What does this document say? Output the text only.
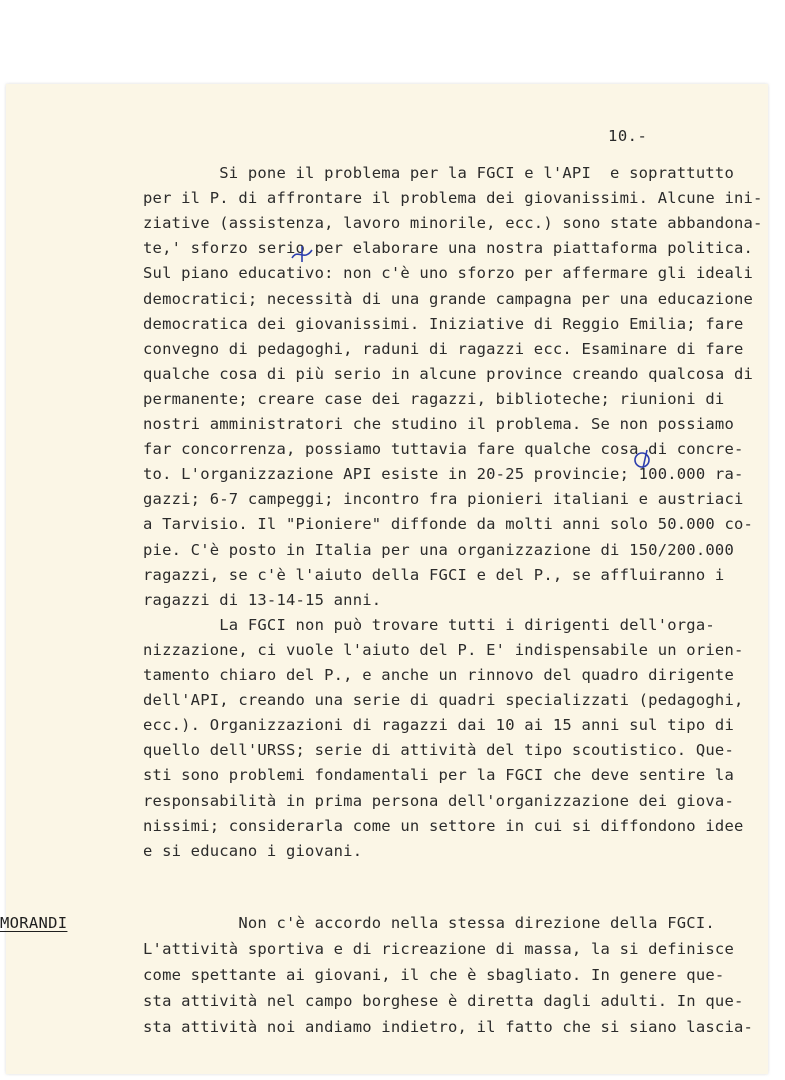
10.-
Si pone il problema per la FGCI e l'API  e soprattutto
per il P. di affrontare il problema dei giovanissimi. Alcune ini-
ziative (assistenza, lavoro minorile, ecc.) sono state abbandona-
te,' sforzo serio per elaborare una nostra piattaforma politica.
Sul piano educativo: non c'è uno sforzo per affermare gli ideali
democratici; necessità di una grande campagna per una educazione
democratica dei giovanissimi. Iniziative di Reggio Emilia; fare
convegno di pedagoghi, raduni di ragazzi ecc. Esaminare di fare
qualche cosa di più serio in alcune province creando qualcosa di
permanente; creare case dei ragazzi, biblioteche; riunioni di
nostri amministratori che studino il problema. Se non possiamo
far concorrenza, possiamo tuttavia fare qualche cosa di concre-
to. L'organizzazione API esiste in 20-25 provincie; 100.000 ra-
gazzi; 6-7 campeggi; incontro fra pionieri italiani e austriaci
a Tarvisio. Il "Pioniere" diffonde da molti anni solo 50.000 co-
pie. C'è posto in Italia per una organizzazione di 150/200.000
ragazzi, se c'è l'aiuto della FGCI e del P., se affluiranno i
ragazzi di 13-14-15 anni.
La FGCI non può trovare tutti i dirigenti dell'orga-
nizzazione, ci vuole l'aiuto del P. E' indispensabile un orien-
tamento chiaro del P., e anche un rinnovo del quadro dirigente
dell'API, creando una serie di quadri specializzati (pedagoghi,
ecc.). Organizzazioni di ragazzi dai 10 ai 15 anni sul tipo di
quello dell'URSS; serie di attività del tipo scoutistico. Que-
sti sono problemi fondamentali per la FGCI che deve sentire la
responsabilità in prima persona dell'organizzazione dei giova-
nissimi; considerarla come un settore in cui si diffondono idee
e si educano i giovani.
Non c'è accordo nella stessa direzione della FGCI.
L'attività sportiva e di ricreazione di massa, la si definisce
come spettante ai giovani, il che è sbagliato. In genere que-
sta attività nel campo borghese è diretta dagli adulti. In que-
sta attività noi andiamo indietro, il fatto che si siano lascia-
MORANDI
